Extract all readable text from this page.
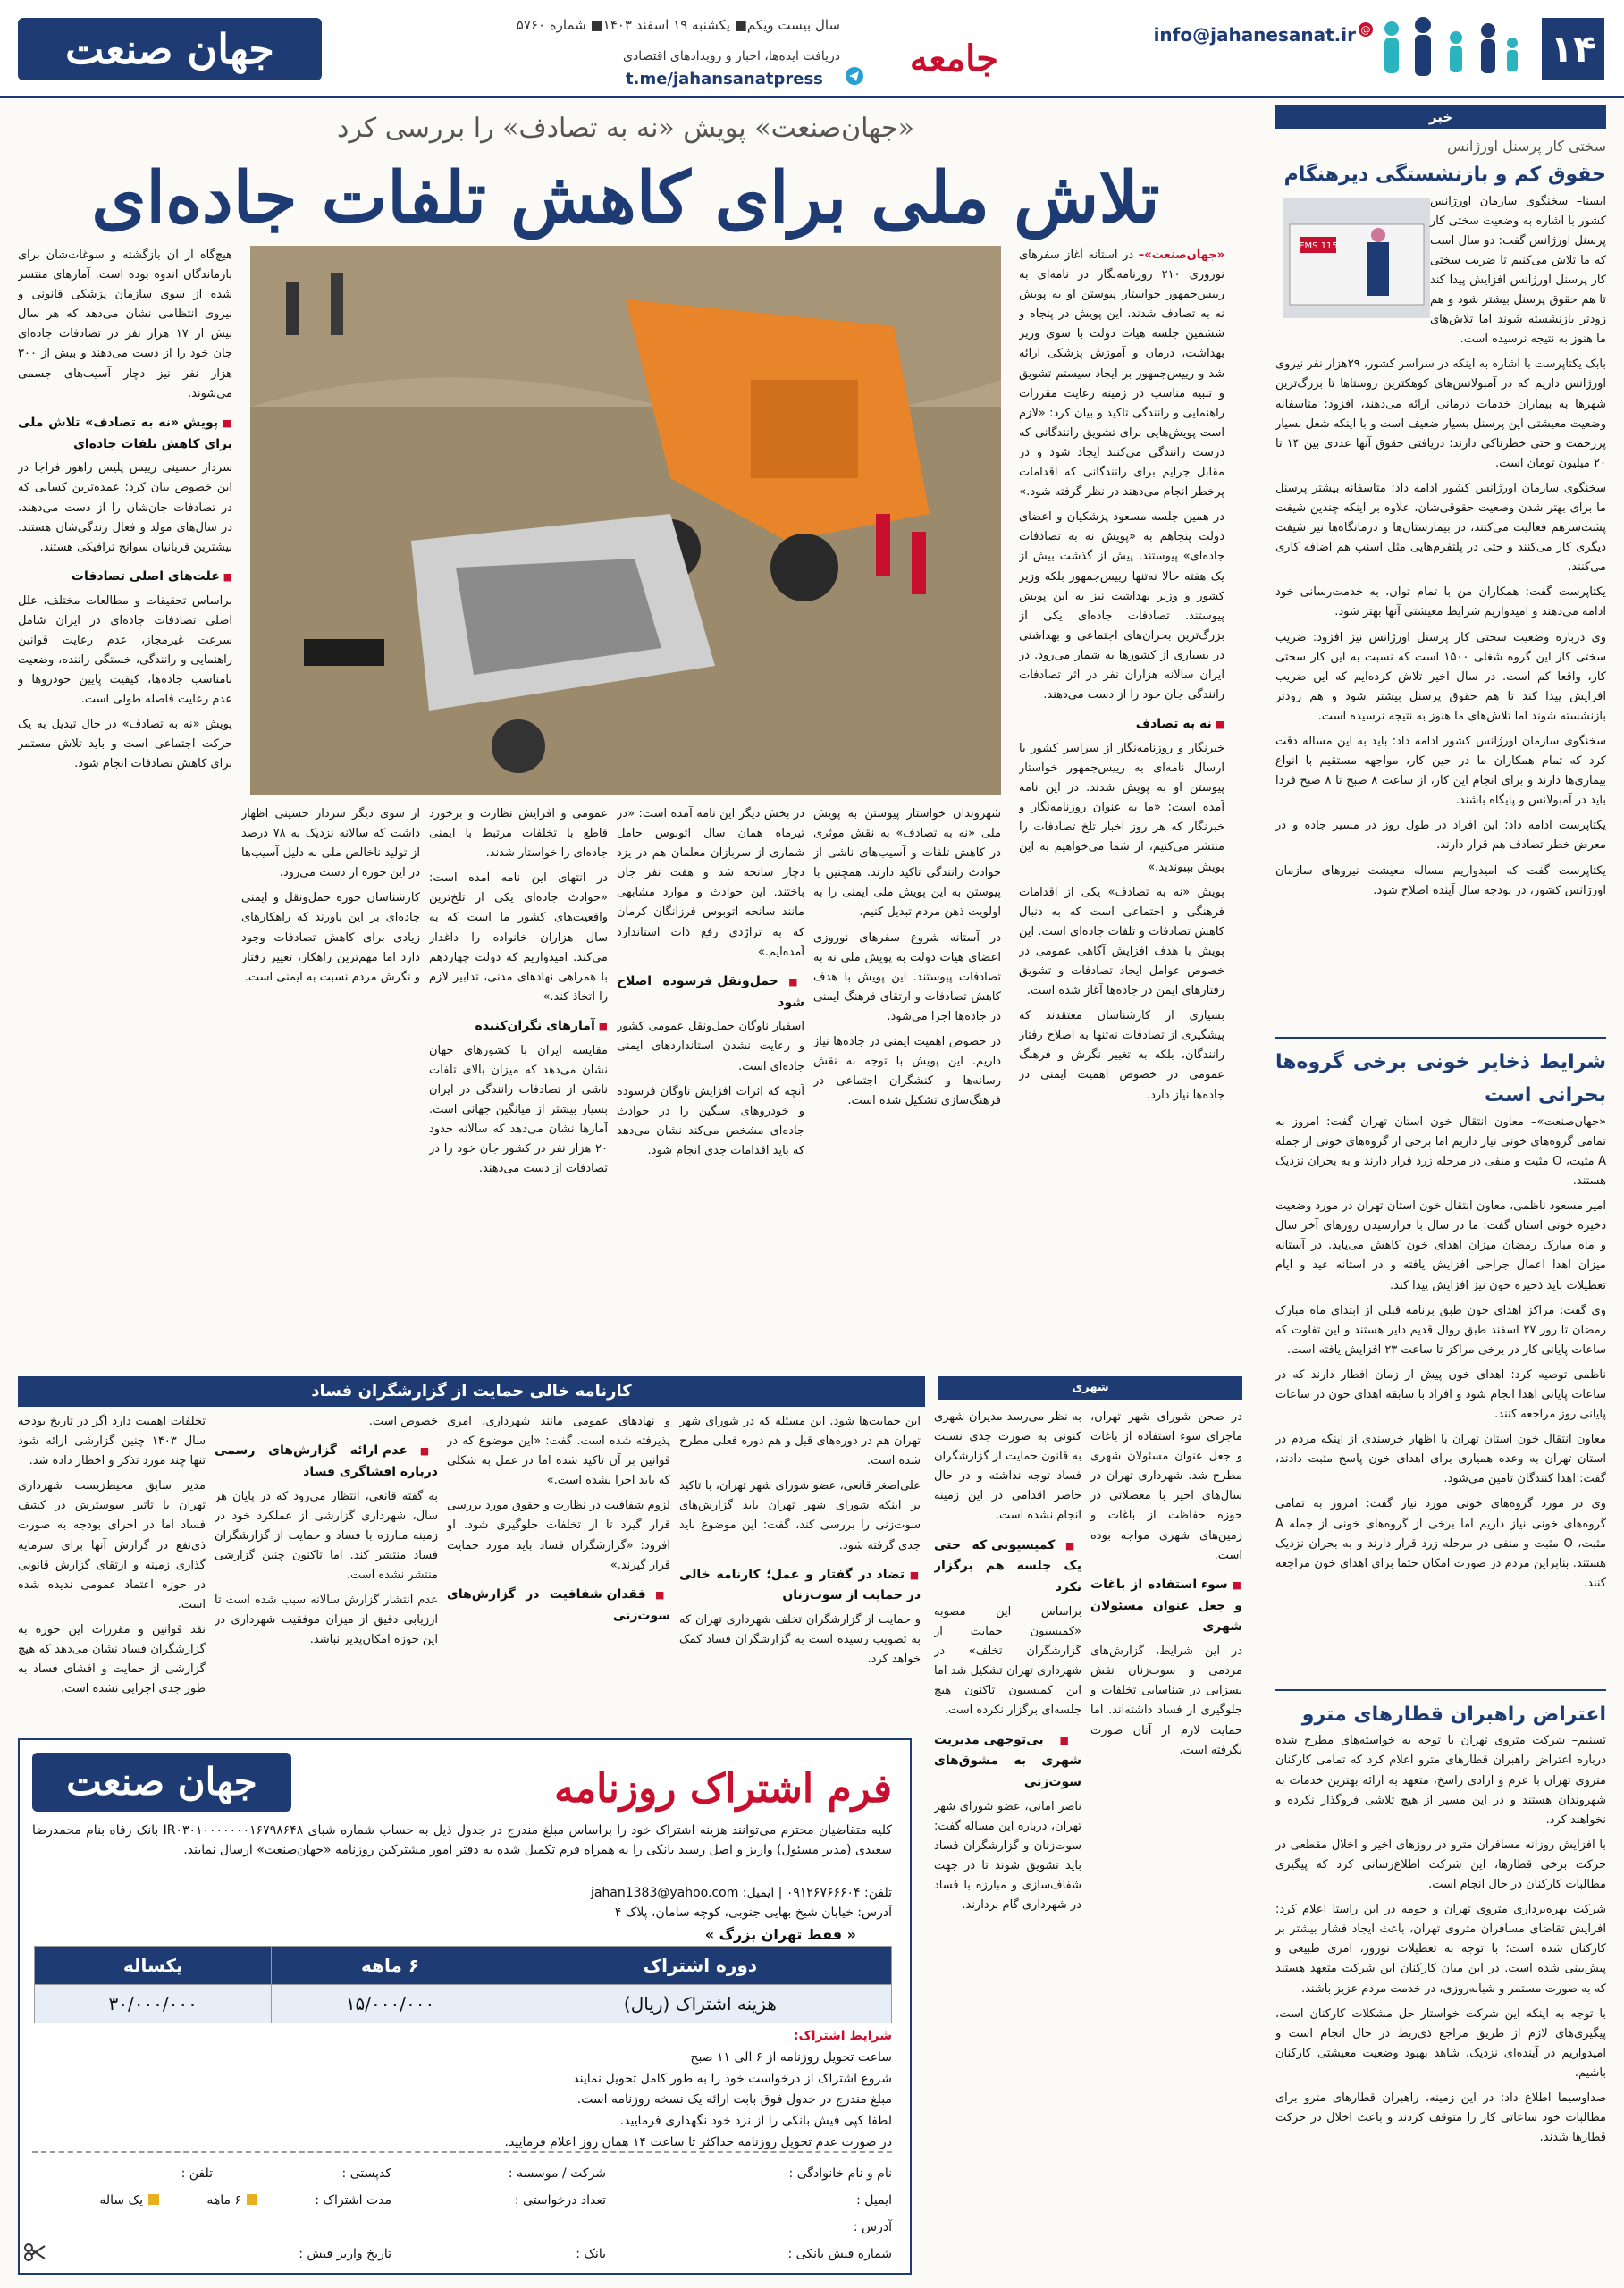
۱۴
info@jahanesanat.ir @
جامعه
جهان صنعت	سال بیست ویکم■ یکشنبه ۱۹ اسفند ۱۴۰۳■ شماره ۵۷۶۰
دریافت ایده‌ها، اخبار و رویدادهای اقتصادی
t.me/jahansanatpress
خبر
سختی کار پرسنل اورژانس
حقوق کم و بازنشستگی دیرهنگام
EMS 115

ایسنا– سخنگوی سازمان اورژانس کشور با اشاره به وضعیت سختی کار پرسنل اورژانس گفت: دو سال است که ما تلاش می‌کنیم تا ضریب سختی کار پرسنل اورژانس افزایش پیدا کند تا هم حقوق پرسنل بیشتر شود و هم زودتر بازنشسته شوند اما تلاش‌های ما هنوز به نتیجه نرسیده است.

بابک یکتاپرست با اشاره به اینکه در سراسر کشور، ۲۹هزار نفر نیروی اورژانس داریم که در آمبولانس‌های کوهکترین روستاها تا بزرگ‌ترین شهرها به بیماران خدمات درمانی ارائه می‌دهند، افزود: متاسفانه وضعیت معیشتی این پرسنل بسیار ضعیف است و با اینکه شغل بسیار پرزحمت و حتی خطرناکی دارند؛ دریافتی حقوق آنها عددی بین ۱۴ تا ۲۰ میلیون تومان است.

سخنگوی سازمان اورژانس کشور ادامه داد: متاسفانه بیشتر پرسنل ما برای بهتر شدن وضعیت حقوقی‌شان، علاوه بر اینکه چندین شیفت پشت‌سرهم فعالیت می‌کنند، در بیمارستان‌ها و درمانگاه‌ها نیز شیفت دیگری کار می‌کنند و حتی در پلتفرم‌هایی مثل اسنپ هم اضافه کاری می‌کنند.

یکتاپرست گفت: همکاران من با تمام توان، به خدمت‌رسانی خود ادامه می‌دهند و امیدواریم شرایط معیشتی آنها بهتر شود.

وی درباره وضعیت سختی کار پرسنل اورژانس نیز افزود: ضریب سختی کار این گروه شغلی ۱۵۰۰ است که نسبت به این کار سختی کار، واقعا کم است. در سال اخیر تلاش کرده‌ایم که این ضریب افزایش پیدا کند تا هم حقوق پرسنل بیشتر شود و هم زودتر بازنشسته شوند اما تلاش‌های ما هنوز به نتیجه نرسیده است.

سخنگوی سازمان اورژانس کشور ادامه داد: باید به این مساله دقت کرد که تمام همکاران ما در حین کار، مواجهه مستقیم با انواع بیماری‌ها دارند و برای انجام این کار، از ساعت ۸ صبح تا ۸ صبح فردا باید در آمبولانس و پایگاه باشند.

یکتاپرست ادامه داد: این افراد در طول روز در مسیر جاده و در معرض خطر تصادف هم قرار دارند.

یکتاپرست گفت که امیدواریم مساله معیشت نیروهای سازمان اورژانس کشور، در بودجه سال آینده اصلاح شود.

شرایط ذخایر خونی برخی گروه‌ها بحرانی است

«جهان‌صنعت»– معاون انتقال خون استان تهران گفت: امروز به تمامی گروه‌های خونی نیاز داریم اما برخی از گروه‌های خونی از جمله A مثبت، O مثبت و منفی در مرحله زرد قرار دارند و به بحران نزدیک هستند.

امیر مسعود ناظمی، معاون انتقال خون استان تهران در مورد وضعیت ذخیره خونی استان گفت: ما در سال با فرارسیدن روزهای آخر سال و ماه مبارک رمضان میزان اهدای خون کاهش می‌یابد. در آستانه میزان اهدا اعمال جراحی افزایش یافته و در آستانه عید و ایام تعطیلات باید ذخیره خون نیز افزایش پیدا کند.

وی گفت: مراکز اهدای خون طبق برنامه قبلی از ابتدای ماه مبارک رمضان تا روز ۲۷ اسفند طبق روال قدیم دایر هستند و این تفاوت که ساعات پایانی کار در برخی مراکز تا ساعت ۲۳ افزایش یافته است.

ناظمی توصیه کرد: اهدای خون پیش از زمان افطار دارند که در ساعات پایانی اهدا انجام شود و افراد با سابقه اهدای خون در ساعات پایانی روز مراجعه کنند.

معاون انتقال خون استان تهران با اظهار خرسندی از اینکه مردم در استان تهران به وعده همیاری برای اهدای خون پاسخ مثبت دادند، گفت: اهدا کنندگان تامین می‌شود.

وی در مورد گروه‌های خونی مورد نیاز گفت: امروز به تمامی گروه‌های خونی نیاز داریم اما برخی از گروه‌های خونی از جمله A مثبت، O مثبت و منفی در مرحله زرد قرار دارند و به بحران نزدیک هستند. بنابراین مردم در صورت امکان حتما برای اهدای خون مراجعه کنند.

اعتراض راهبران قطارهای مترو

تسنیم– شرکت متروی تهران با توجه به خواسته‌های مطرح شده درباره اعتراض راهبران قطارهای مترو اعلام کرد که تمامی کارکنان متروی تهران با عزم و ارادی راسخ، متعهد به ارائه بهترین خدمات به شهروندان هستند و در این مسیر از هیچ تلاشی فروگذار نکرده و نخواهند کرد.

با افزایش روزانه مسافران مترو در روزهای اخیر و اخلال مقطعی در حرکت برخی قطارها، این شرکت اطلاع‌رسانی کرد که پیگیری مطالبات کارکنان در حال انجام است.

شرکت بهره‌برداری متروی تهران و حومه در این راستا اعلام کرد: افزایش تقاضای مسافران متروی تهران، باعث ایجاد فشار بیشتر بر کارکنان شده است؛ با توجه به تعطیلات نوروز، امری طبیعی و پیش‌بینی شده است. در این میان کارکنان این شرکت متعهد هستند که به صورت مستمر و شبانه‌روزی، در خدمت مردم عزیز باشند.

با توجه به اینکه این شرکت خواستار حل مشکلات کارکنان است، پیگیری‌های لازم از طریق مراجع ذی‌ربط در حال انجام است و امیدواریم در آینده‌ای نزدیک، شاهد بهبود وضعیت معیشتی کارکنان باشیم.

صداوسیما اطلاع داد: در این زمینه، راهبران قطارهای مترو برای مطالبات خود ساعاتی کار را متوقف کردند و باعث اخلال در حرکت قطارها شدند.

«جهان‌صنعت» پویش «نه به تصادف» را بررسی کرد
تلاش ملی برای کاهش تلفات جاده‌ای

«جهان‌صنعت»– در استانه آغاز سفرهای نوروزی ۲۱۰ روزنامه‌نگار در نامه‌ای به رییس‌جمهور خواستار پیوستن او به پویش نه به تصادف شدند. این پویش در پنجاه و ششمین جلسه هیات دولت با سوی وزیر بهداشت، درمان و آموزش پزشکی ارائه شد و رییس‌جمهور بر ایجاد سیستم تشویق و تنبیه مناسب در زمینه رعایت مقررات راهنمایی و رانندگی تاکید و بیان کرد: «لازم است پویش‌هایی برای تشویق رانندگانی که درست رانندگی می‌کنند ایجاد شود و در مقابل جرایم برای رانندگانی که اقدامات پرخطر انجام می‌دهند در نظر گرفته شود.»

در همین جلسه مسعود پزشکیان و اعضای دولت پنجاهم به «پویش نه به تصادفات جاده‌ای» پیوستند. پیش از گذشت بیش از یک هفته حالا نه‌تنها رییس‌جمهور بلکه وزیر کشور و وزیر بهداشت نیز به این پویش پیوستند. تصادفات جاده‌ای یکی از بزرگ‌ترین بحران‌های اجتماعی و بهداشتی در بسیاری از کشورها به شمار می‌رود. در ایران سالانه هزاران نفر در اثر تصادفات رانندگی جان خود را از دست می‌دهند.

■ نه به تصادف

خبرنگار و روزنامه‌نگار از سراسر کشور با ارسال نامه‌ای به رییس‌جمهور خواستار پیوستن او به پویش شدند. در این نامه آمده است: «ما به عنوان روزنامه‌نگار و خبرنگار که هر روز اخبار تلخ تصادفات را منتشر می‌کنیم، از شما می‌خواهیم به این پویش بپیوندید.»

پویش «نه به تصادف» یکی از اقدامات فرهنگی و اجتماعی است که به دنبال کاهش تصادفات و تلفات جاده‌ای است. این پویش با هدف افزایش آگاهی عمومی در خصوص عوامل ایجاد تصادفات و تشویق رفتارهای ایمن در جاده‌ها آغاز شده است.

بسیاری از کارشناسان معتقدند که پیشگیری از تصادفات نه‌تنها به اصلاح رفتار رانندگان، بلکه به تغییر نگرش و فرهنگ عمومی در خصوص اهمیت ایمنی در جاده‌ها نیاز دارد.

شهروندان خواستار پیوستن به پویش ملی «نه به تصادف» به نقش موثری در کاهش تلفات و آسیب‌های ناشی از حوادث رانندگی تاکید دارند. همچنین با پیوستن به این پویش ملی ایمنی را به اولویت ذهن مردم تبدیل کنیم.

در آستانه شروع سفرهای نوروزی اعضای هیات دولت به پویش ملی نه به تصادفات پیوستند. این پویش با هدف کاهش تصادفات و ارتقای فرهنگ ایمنی در جاده‌ها اجرا می‌شود.

در خصوص اهمیت ایمنی در جاده‌ها نیاز داریم. این پویش با توجه به نقش رسانه‌ها و کنشگران اجتماعی در فرهنگ‌سازی تشکیل شده است.

در بخش دیگر این نامه آمده است: «در تیرماه همان سال اتوبوس حامل شماری از سربازان معلمان هم در یزد دچار سانحه شد و هفت نفر جان باختند. این حوادث و موارد مشابهی مانند سانحه اتوبوس فرزانگان کرمان که به تراژدی رفع ذات استاندارد آمده‌ایم.»

■ حمل‌ونقل فرسوده اصلاح شود

اسفبار ناوگان حمل‌ونقل عمومی کشور و رعایت نشدن استانداردهای ایمنی جاده‌ای است.

آنچه که اثرات افزایش ناوگان فرسوده و خودروهای سنگین را در حوادث جاده‌ای مشخص می‌کند نشان می‌دهد که باید اقدامات جدی انجام شود.

عمومی و افزایش نظارت و برخورد قاطع با تخلفات مرتبط با ایمنی جاده‌ای را خواستار شدند.

در انتهای این نامه آمده است: «حوادث جاده‌ای یکی از تلخ‌ترین واقعیت‌های کشور ما است که به سال هزاران خانواده را داغدار می‌کند. امیدواریم که دولت چهاردهم با همراهی نهادهای مدنی، تدابیر لازم را اتخاذ کند.»

■ آمارهای نگران‌کننده

مقایسه ایران با کشورهای جهان نشان می‌دهد که میزان بالای تلفات ناشی از تصادفات رانندگی در ایران بسیار بیشتر از میانگین جهانی است. آمارها نشان می‌دهد که سالانه حدود ۲۰ هزار نفر در کشور جان خود را در تصادفات از دست می‌دهند.

از سوی دیگر سردار حسینی اظهار داشت که سالانه نزدیک به ۷۸ درصد از تولید ناخالص ملی به دلیل آسیب‌ها در این حوزه از دست می‌رود.

کارشناسان حوزه حمل‌ونقل و ایمنی جاده‌ای بر این باورند که راهکارهای زیادی برای کاهش تصادفات وجود دارد اما مهم‌ترین راهکار، تغییر رفتار و نگرش مردم نسبت به ایمنی است.

هیچ‌گاه از آن بازگشته و سوغات‌شان برای بازماندگان اندوه بوده است. آمارهای منتشر شده از سوی سازمان پزشکی قانونی و نیروی انتظامی نشان می‌دهد که هر سال بیش از ۱۷ هزار نفر در تصادفات جاده‌ای جان خود را از دست می‌دهند و بیش از ۳۰۰ هزار نفر نیز دچار آسیب‌های جسمی می‌شوند.

■ پویش «نه به تصادف» تلاش ملی برای کاهش تلفات جاده‌ای

سردار حسینی رییس پلیس راهور فراجا در این خصوص بیان کرد: عمده‌ترین کسانی که در تصادفات جان‌شان را از دست می‌دهند، در سال‌های مولد و فعال زندگی‌شان هستند. بیشترین قربانیان سوانح ترافیکی هستند.

■ علت‌های اصلی تصادفات

براساس تحقیقات و مطالعات مختلف، علل اصلی تصادفات جاده‌ای در ایران شامل سرعت غیرمجاز، عدم رعایت قوانین راهنمایی و رانندگی، خستگی راننده، وضعیت نامناسب جاده‌ها، کیفیت پایین خودروها و عدم رعایت فاصله طولی است.

پویش «نه به تصادف» در حال تبدیل به یک حرکت اجتماعی است و باید تلاش مستمر برای کاهش تصادفات انجام شود.

کارنامه خالی حمایت از گزارشگران فساد	شهری

تخلفات اهمیت دارد اگر در تاریخ بودجه سال ۱۴۰۳ چنین گزارشی ارائه شود تنها چند مورد تذکر و اخطار داده شد.

مدیر سابق محیط‌زیست شهرداری تهران با تاثیر سوسترش در کشف فساد اما در اجرای بودجه به صورت ذی‌نفع در گزارش آنها برای سرمایه گذاری زمینه و ارتقای گزارش قانونی در حوزه اعتماد عمومی ندیده شده است.

نقد قوانین و مقررات این حوزه به گزارشگران فساد نشان می‌دهد که هیچ گزارشی از حمایت و افشای فساد به طور جدی اجرایی نشده است.

خصوص است.

■ عدم ارائه گزارش‌های رسمی درباره افشاگری فساد

به گفته قانعی، انتظار می‌رود که در پایان هر سال، شهرداری گزارشی از عملکرد خود در زمینه مبارزه با فساد و حمایت از گزارشگران فساد منتشر کند. اما تاکنون چنین گزارشی منتشر نشده است.

عدم انتشار گزارش سالانه سبب شده است تا ارزیابی دقیق از میزان موفقیت شهرداری در این حوزه امکان‌پذیر نباشد.

و نهادهای عمومی مانند شهرداری، امری پذیرفته شده است. گفت: «این موضوع که در قوانین بر آن تاکید شده اما در عمل به شکلی که باید اجرا نشده است.»

لزوم شفافیت در نظارت و حقوق مورد بررسی قرار گیرد تا از تخلفات جلوگیری شود. او افزود: «گزارشگران فساد باید مورد حمایت قرار گیرند.»

■ فقدان شفافیت در گزارش‌های سوت‌زنی

این حمایت‌ها شود. این مسئله که در شورای شهر تهران هم در دوره‌های قبل و هم دوره فعلی مطرح شده است.

علی‌اصغر قانعی، عضو شورای شهر تهران، با تاکید بر اینکه شورای شهر تهران باید گزارش‌های سوت‌زنی را بررسی کند، گفت: این موضوع باید جدی گرفته شود.

■ تضاد در گفتار و عمل؛ کارنامه خالی در حمایت از سوت‌زنان

و حمایت از گزارشگران تخلف شهرداری تهران که به تصویب رسیده است به گزارشگران فساد کمک خواهد کرد.

به نظر می‌رسد مدیران شهری کنونی به صورت جدی نسبت به قانون حمایت از گزارشگران فساد توجه نداشته و در حال حاضر اقدامی در این زمینه انجام نشده است.

■ کمیسیونی که حتی یک جلسه هم برگزار نکرد

براساس این مصوبه «کمیسیون حمایت از گزارشگران تخلف» در شهرداری تهران تشکیل شد اما این کمیسیون تاکنون هیچ جلسه‌ای برگزار نکرده است.

■ بی‌توجهی مدیریت شهری به مشوق‌های سوت‌زنی

ناصر امانی، عضو شورای شهر تهران، درباره این مساله گفت: سوت‌زنان و گزارشگران فساد باید تشویق شوند تا در جهت شفاف‌سازی و مبارزه با فساد در شهرداری گام بردارند.

در صحن شورای شهر تهران، ماجرای سوء استفاده از باغات و جعل عنوان مسئولان شهری مطرح شد. شهرداری تهران در سال‌های اخیر با معضلاتی در حوزه حفاظت از باغات و زمین‌های شهری مواجه بوده است.

■ سوء استفاده از باغات و جعل عنوان مسئولان شهری

در این شرایط، گزارش‌های مردمی و سوت‌زنان نقش بسزایی در شناسایی تخلفات و جلوگیری از فساد داشته‌اند. اما حمایت لازم از آنان صورت نگرفته است.

جهان صنعت	فرم اشتراک روزنامه
کلیه متقاضیان محترم می‌توانند هزینه اشتراک خود را براساس مبلغ مندرج در جدول ذیل به حساب شماره شبای IR۰۳۰۱۰۰۰۰۰۰۰۱۶۷۹۸۶۴۸ بانک رفاه بنام محمدرضا سعیدی (مدیر مسئول) واریز و اصل رسید بانکی را به همراه فرم تکمیل شده به دفتر امور مشترکین روزنامه «جهان‌صنعت» ارسال نمایند.
تلفن: ۰۹۱۲۶۷۶۶۶۰۴ | ایمیل: jahan1383@yahoo.com
آدرس: خیابان شیخ بهایی جنوبی، کوچه سامان، پلاک ۴
« فقط تهران بزرگ »
دوره اشتراک	۶ ماهه	یکساله
هزینه اشتراک (ریال)	۱۵/۰۰۰/۰۰۰	۳۰/۰۰۰/۰۰۰
شرایط اشتراک:
ساعت تحویل روزنامه از ۶ الی ۱۱ صبح
شروع اشتراک از درخواست خود را به طور کامل تحویل نمایند
مبلغ مندرج در جدول فوق بابت ارائه یک نسخه روزنامه است.
لطفا کپی فیش بانکی را از نزد خود نگهداری فرمایید.
در صورت عدم تحویل روزنامه حداکثر تا ساعت ۱۴ همان روز اعلام فرمایید.
نام و نام خانوادگی :
شرکت / موسسه :
کدپستی :
تلفن :
ایمیل :
تعداد درخواستی :
مدت اشتراک :
۶ ماهه
یک ساله
آدرس :
شماره فیش بانکی :
بانک :
تاریخ واریز فیش :
